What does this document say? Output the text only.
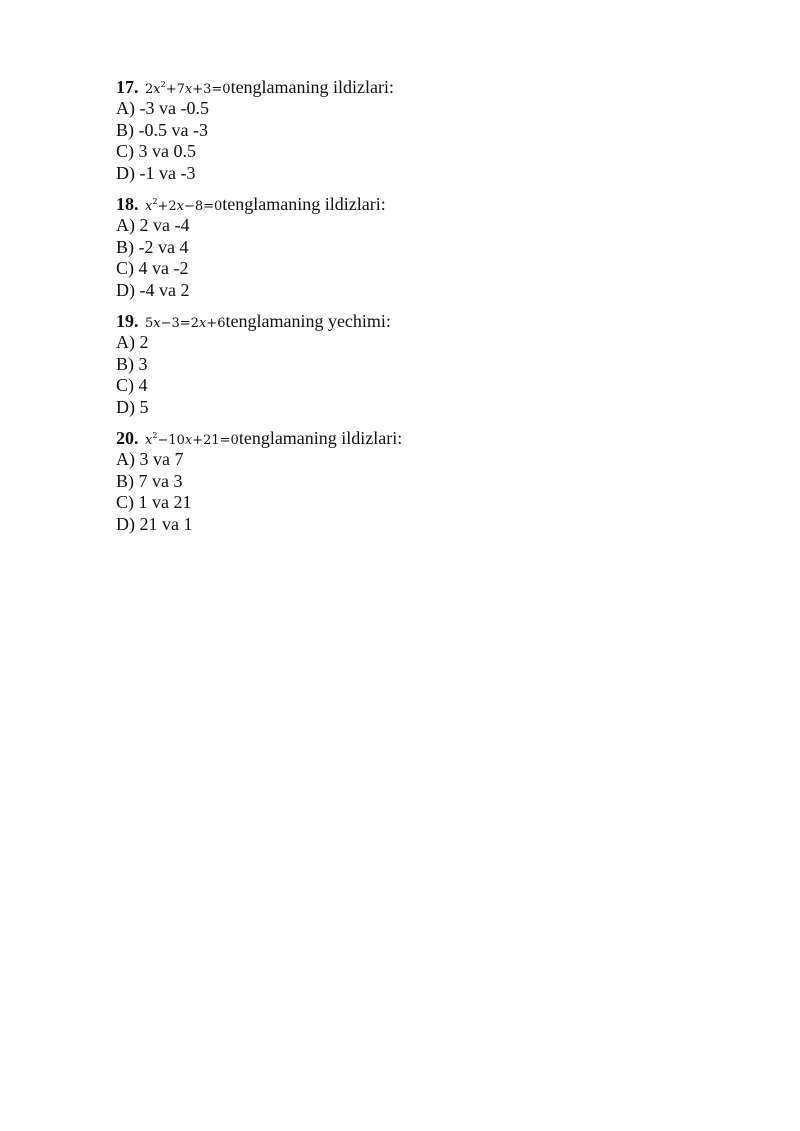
17. $2x^2+7x+3=0tenglamaning$ ildizlari:
A) -3 va -0.5
B) -0.5 va -3
C) 3 va 0.5
D) -1 va -3
18. $x^2+2x-8=0tenglamaning$ ildizlari:
A) 2 va -4
B) -2 va 4
C) 4 va -2
D) -4 va 2
19. 5x−3=2x+6tenglamaning yechimi:
A) 2
B) 3
C) 4
D) 5
20. $x^2-10x+21=0tenglamaning$ ildizlari:
A) 3 va 7
B) 7 va 3
C) 1 va 21
D) 21 va 1
